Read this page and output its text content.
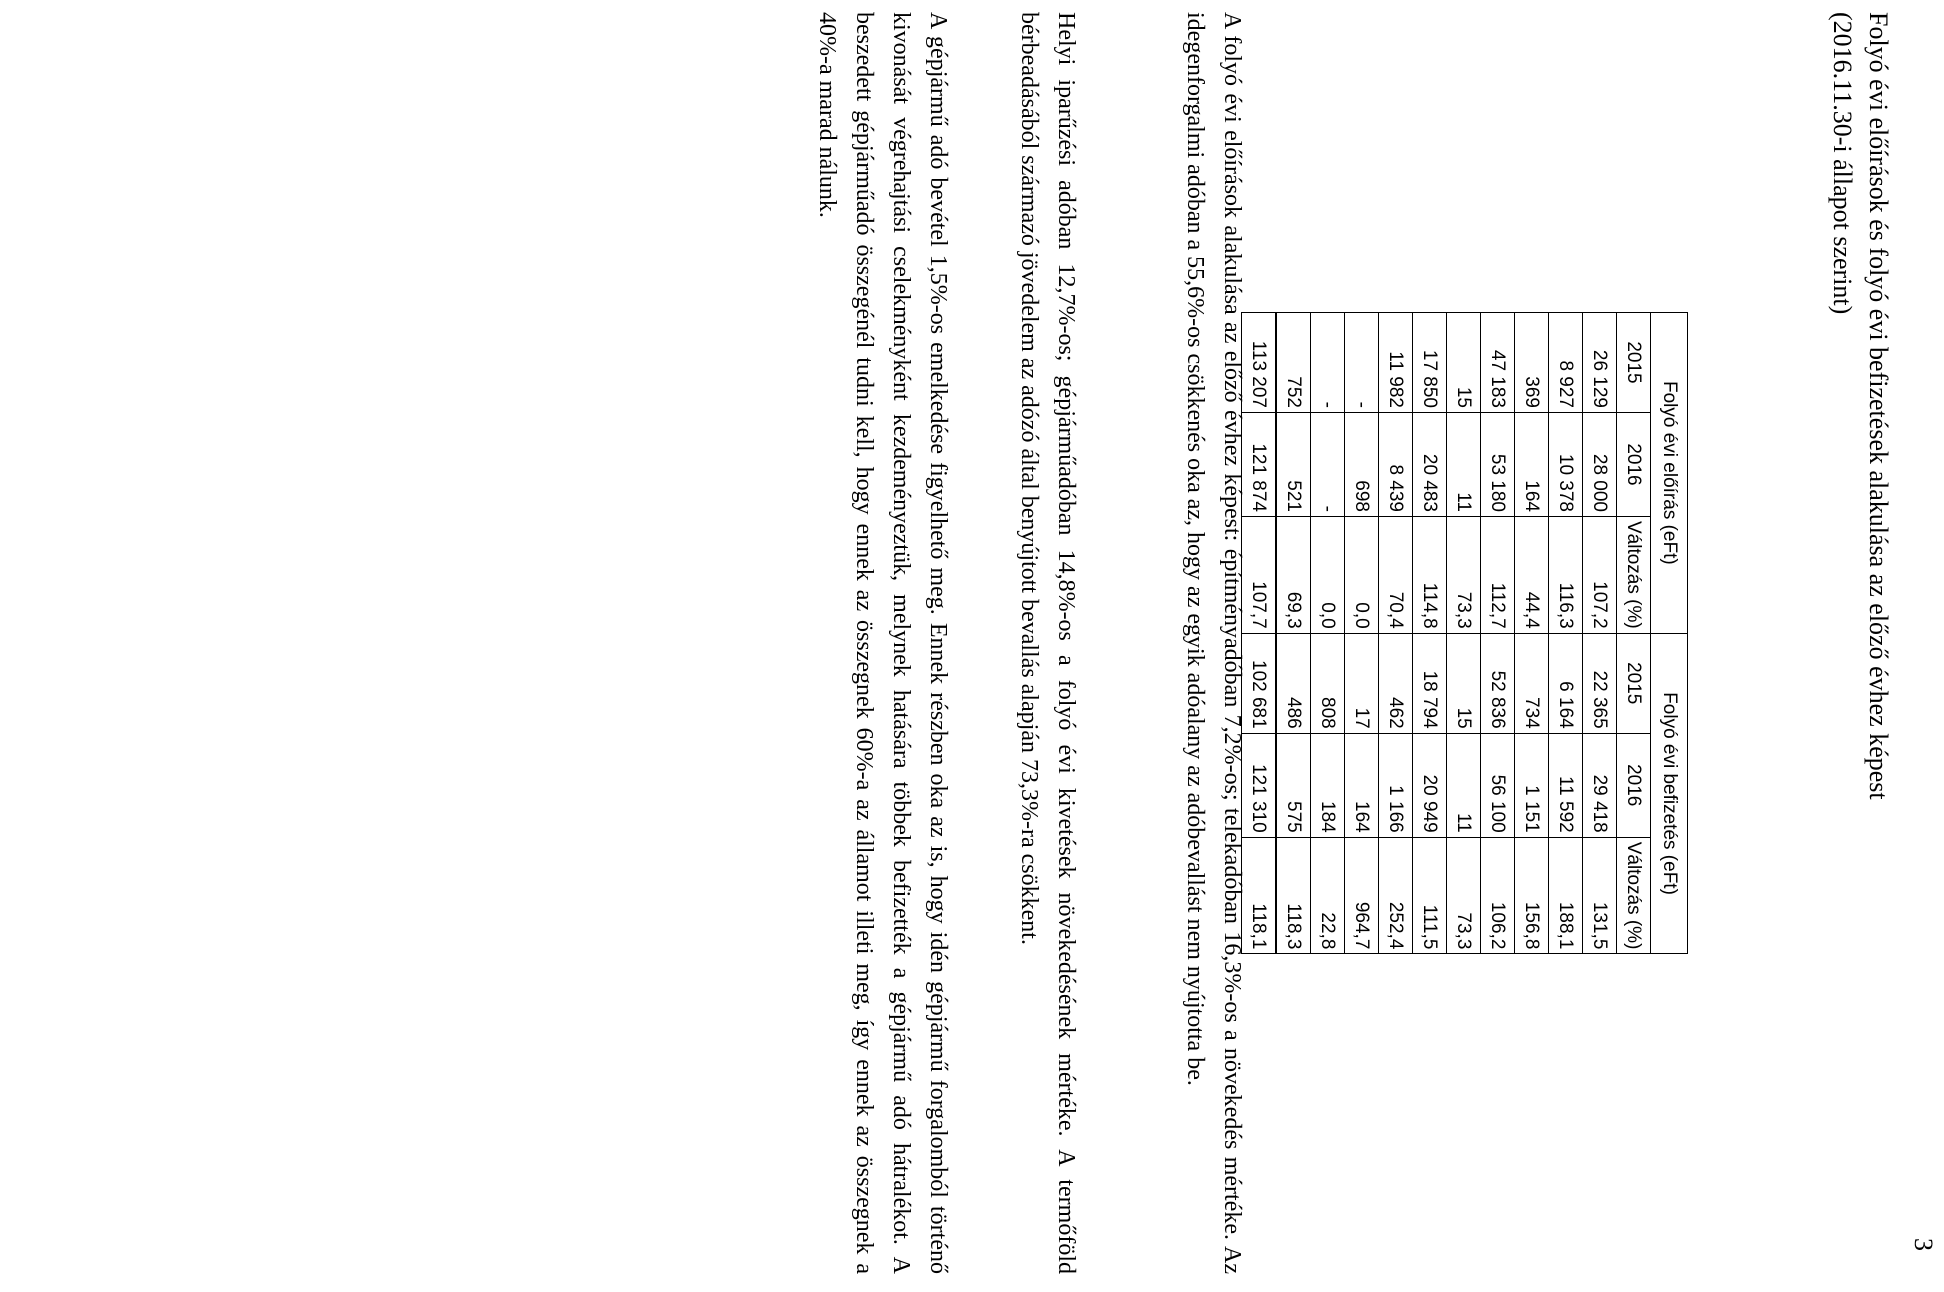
3
Folyó évi előírások és folyó évi befizetések alakulása az előző évhez képest
(2016.11.30-i állapot szerint)
Folyó évi előírás (eFt)			Folyó évi befizetés (eFt)		
2015	2016	Változás (%)	2015	2016	Változás (%)
26 129	28 000	107,2	22 365	29 418	131,5
8 927	10 378	116,3	6 164	11 592	188,1
369	164	44,4	734	1 151	156,8
47 183	53 180	112,7	52 836	56 100	106,2
15	11	73,3	15	11	73,3
17 850	20 483	114,8	18 794	20 949	111,5
11 982	8 439	70,4	462	1 166	252,4
-	698	0,0	17	164	964,7
-	-	0,0	808	184	22,8
752	521	69,3	486	575	118,3
113 207	121 874	107,7	102 681	121 310	118,1

A folyó évi előírások alakulása az előző évhez képest: építményadóban 7,2%-os; telekadóban 16,3%-os a növekedés mértéke. Az idegenforgalmi adóban a 55,6%-os csökkenés oka az, hogy az egyik adóalany az adóbevallást nem nyújtotta be.

Helyi iparűzési adóban 12,7%-os; gépjárműadóban 14,8%-os a folyó évi kivetések növekedésének mértéke. A termőföld bérbeadásából származó jövedelem az adózó által benyújtott bevallás alapján 73,3%-ra csökkent.

A gépjármű adó bevétel 1,5%-os emelkedése figyelhető meg. Ennek részben oka az is, hogy idén gépjármű forgalomból történő kivonását végrehajtási cselekményként kezdeményeztük, melynek hatására többek befizették a gépjármű adó hátralékot. A beszedett gépjárműadó összegénél tudni kell, hogy ennek az összegnek 60%-a az államot illeti meg, így ennek az összegnek a 40%-a marad nálunk.
